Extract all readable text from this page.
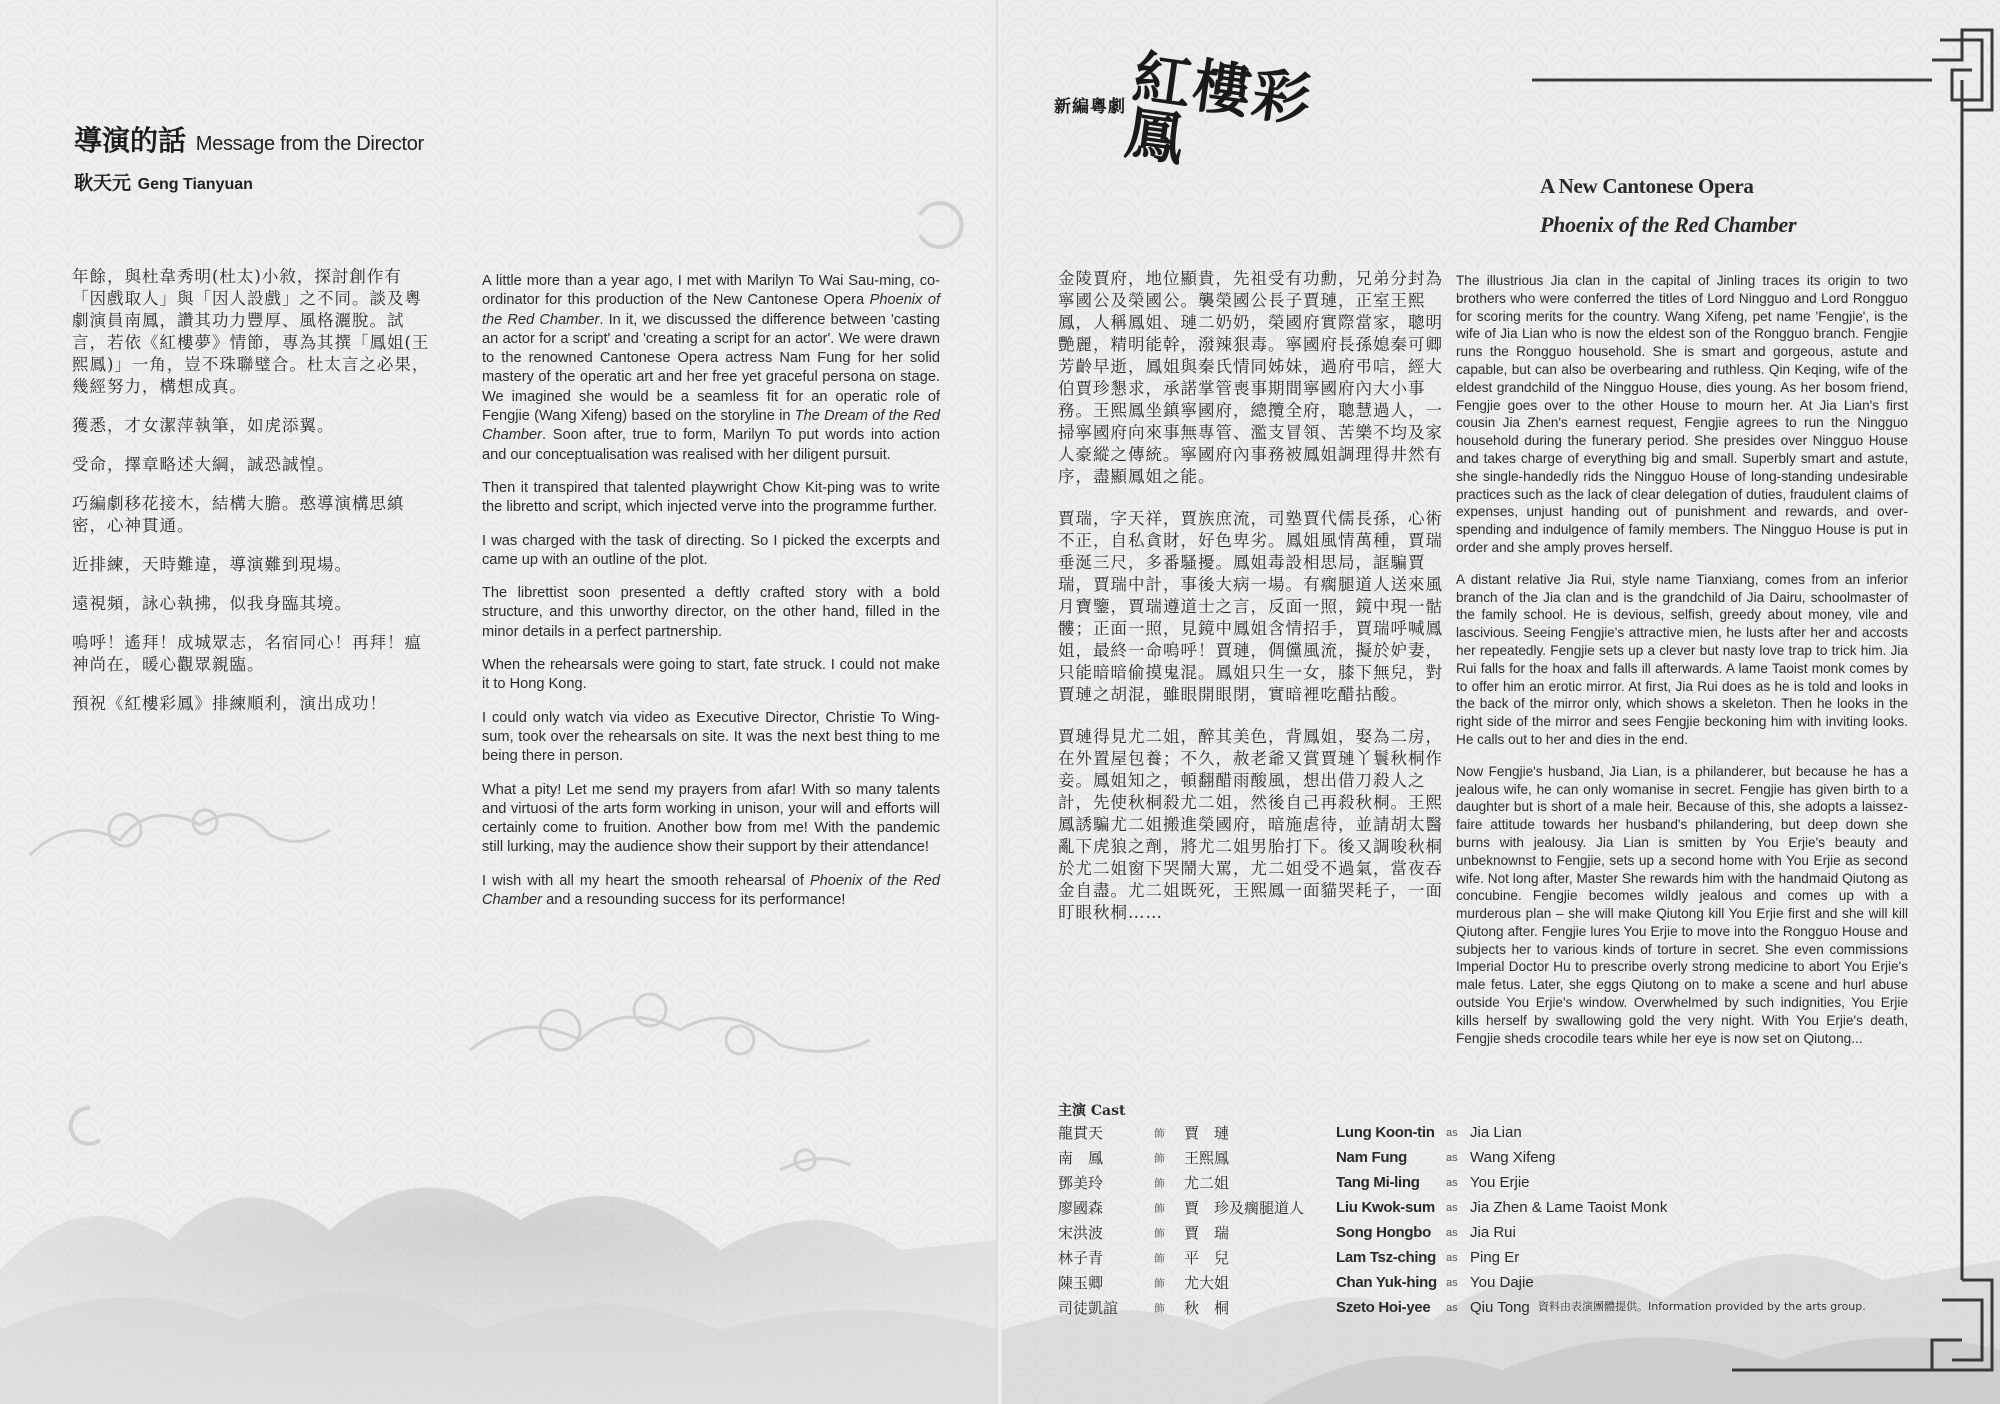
導演的話 Message from the Director
耿天元 Geng Tianyuan

年餘，與杜韋秀明(杜太)小敘，探討創作有「因戲取人」與「因人設戲」之不同。談及粵劇演員南鳳，讚其功力豐厚、風格灑脫。試言，若依《紅樓夢》情節，專為其撰「鳳姐(王熙鳳)」一角，豈不珠聯璧合。杜太言之必果，幾經努力，構想成真。

獲悉，才女潔萍執筆，如虎添翼。

受命，擇章略述大綱，誠恐誠惶。

巧編劇移花接木，結構大膽。憨導演構思縝密，心神貫通。

近排練，天時難違，導演難到現場。

遠視頻，詠心執拂，似我身臨其境。

嗚呼！遙拜！成城眾志，名宿同心！再拜！瘟神尚在，暖心觀眾親臨。

預祝《紅樓彩鳳》排練順利，演出成功！

A little more than a year ago, I met with Marilyn To Wai Sau-ming, co-ordinator for this production of the New Cantonese Opera Phoenix of the Red Chamber. In it, we discussed the difference between 'casting an actor for a script' and 'creating a script for an actor'. We were drawn to the renowned Cantonese Opera actress Nam Fung for her solid mastery of the operatic art and her free yet graceful persona on stage. We imagined she would be a seamless fit for an operatic role of Fengjie (Wang Xifeng) based on the storyline in The Dream of the Red Chamber. Soon after, true to form, Marilyn To put words into action and our conceptualisation was realised with her diligent pursuit.

Then it transpired that talented playwright Chow Kit-ping was to write the libretto and script, which injected verve into the programme further.

I was charged with the task of directing. So I picked the excerpts and came up with an outline of the plot.

The librettist soon presented a deftly crafted story with a bold structure, and this unworthy director, on the other hand, filled in the minor details in a perfect partnership.

When the rehearsals were going to start, fate struck. I could not make it to Hong Kong.

I could only watch via video as Executive Director, Christie To Wing-sum, took over the rehearsals on site. It was the next best thing to me being there in person.

What a pity! Let me send my prayers from afar! With so many talents and virtuosi of the arts form working in unison, your will and efforts will certainly come to fruition. Another bow from me! With the pandemic still lurking, may the audience show their support by their attendance!

I wish with all my heart the smooth rehearsal of Phoenix of the Red Chamber and a resounding success for its performance!

新編粵劇 紅樓彩鳳
A New Cantonese Opera
Phoenix of the Red Chamber

金陵賈府，地位顯貴，先祖受有功勳，兄弟分封為寧國公及榮國公。襲榮國公長子賈璉，正室王熙鳳，人稱鳳姐、璉二奶奶，榮國府實際當家，聰明艷麗，精明能幹，潑辣狠毒。寧國府長孫媳秦可卿芳齡早逝，鳳姐與秦氏情同姊妹，過府弔唁，經大伯賈珍懇求，承諾掌管喪事期間寧國府內大小事務。王熙鳳坐鎮寧國府，總攬全府，聰慧過人，一掃寧國府向來事無專管、濫支冒領、苦樂不均及家人豪縱之傳統。寧國府內事務被鳳姐調理得井然有序，盡顯鳳姐之能。

賈瑞，字天祥，賈族庶流，司塾賈代儒長孫，心術不正，自私貪財，好色卑劣。鳳姐風情萬種，賈瑞垂涎三尺，多番騷擾。鳳姐毒設相思局，誆騙賈瑞，賈瑞中計，事後大病一場。有瘸腿道人送來風月寶鑒，賈瑞遵道士之言，反面一照，鏡中現一骷髏；正面一照，見鏡中鳳姐含情招手，賈瑞呼喊鳳姐，最終一命嗚呼！賈璉，倜儻風流，擬於妒妻，只能暗暗偷摸鬼混。鳳姐只生一女，膝下無兒，對賈璉之胡混，雖眼開眼閉，實暗裡吃醋拈酸。

賈璉得見尤二姐，醉其美色，背鳳姐，娶為二房，在外置屋包養；不久，赦老爺又賞賈璉丫鬟秋桐作妾。鳳姐知之，頓翻醋雨酸風，想出借刀殺人之計，先使秋桐殺尤二姐，然後自己再殺秋桐。王熙鳳誘騙尤二姐搬進榮國府，暗施虐待，並請胡太醫亂下虎狼之劑，將尤二姐男胎打下。後又調唆秋桐於尤二姐窗下哭鬧大罵，尤二姐受不過氣，當夜吞金自盡。尤二姐既死，王熙鳳一面貓哭耗子，一面盯眼秋桐……

The illustrious Jia clan in the capital of Jinling traces its origin to two brothers who were conferred the titles of Lord Ningguo and Lord Rongguo for scoring merits for the country. Wang Xifeng, pet name 'Fengjie', is the wife of Jia Lian who is now the eldest son of the Rongguo branch. Fengjie runs the Rongguo household. She is smart and gorgeous, astute and capable, but can also be overbearing and ruthless. Qin Keqing, wife of the eldest grandchild of the Ningguo House, dies young. As her bosom friend, Fengjie goes over to the other House to mourn her. At Jia Lian's first cousin Jia Zhen's earnest request, Fengjie agrees to run the Ningguo household during the funerary period. She presides over Ningguo House and takes charge of everything big and small. Superbly smart and astute, she single-handedly rids the Ningguo House of long-standing undesirable practices such as the lack of clear delegation of duties, fraudulent claims of expenses, unjust handing out of punishment and rewards, and over-spending and indulgence of family members. The Ningguo House is put in order and she amply proves herself.

A distant relative Jia Rui, style name Tianxiang, comes from an inferior branch of the Jia clan and is the grandchild of Jia Dairu, schoolmaster of the family school. He is devious, selfish, greedy about money, vile and lascivious. Seeing Fengjie's attractive mien, he lusts after her and accosts her repeatedly. Fengjie sets up a clever but nasty love trap to trick him. Jia Rui falls for the hoax and falls ill afterwards. A lame Taoist monk comes by to offer him an erotic mirror. At first, Jia Rui does as he is told and looks in the back of the mirror only, which shows a skeleton. Then he looks in the right side of the mirror and sees Fengjie beckoning him with inviting looks. He calls out to her and dies in the end.

Now Fengjie's husband, Jia Lian, is a philanderer, but because he has a jealous wife, he can only womanise in secret. Fengjie has given birth to a daughter but is short of a male heir. Because of this, she adopts a laissez-faire attitude towards her husband's philandering, but deep down she burns with jealousy. Jia Lian is smitten by You Erjie's beauty and unbeknownst to Fengjie, sets up a second home with You Erjie as second wife. Not long after, Master She rewards him with the handmaid Qiutong as concubine. Fengjie becomes wildly jealous and comes up with a murderous plan – she will make Qiutong kill You Erjie first and she will kill Qiutong after. Fengjie lures You Erjie to move into the Rongguo House and subjects her to various kinds of torture in secret. She even commissions Imperial Doctor Hu to prescribe overly strong medicine to abort You Erjie's male fetus. Later, she eggs Qiutong on to make a scene and hurl abuse outside You Erjie's window. Overwhelmed by such indignities, You Erjie kills herself by swallowing gold the very night. With You Erjie's death, Fengjie sheds crocodile tears while her eye is now set on Qiutong...

主演 Cast
龍貫天	飾	賈　璉	Lung Koon-tin	as	Jia Lian
南　鳳	飾	王熙鳳	Nam Fung	as	Wang Xifeng
鄧美玲	飾	尤二姐	Tang Mi-ling	as	You Erjie
廖國森	飾	賈　珍及瘸腿道人	Liu Kwok-sum	as	Jia Zhen & Lame Taoist Monk
宋洪波	飾	賈　瑞	Song Hongbo	as	Jia Rui
林子青	飾	平　兒	Lam Tsz-ching	as	Ping Er
陳玉卿	飾	尤大姐	Chan Yuk-hing	as	You Dajie
司徒凱誼	飾	秋　桐	Szeto Hoi-yee	as	Qiu Tong 資料由表演團體提供。Information provided by the arts group.
